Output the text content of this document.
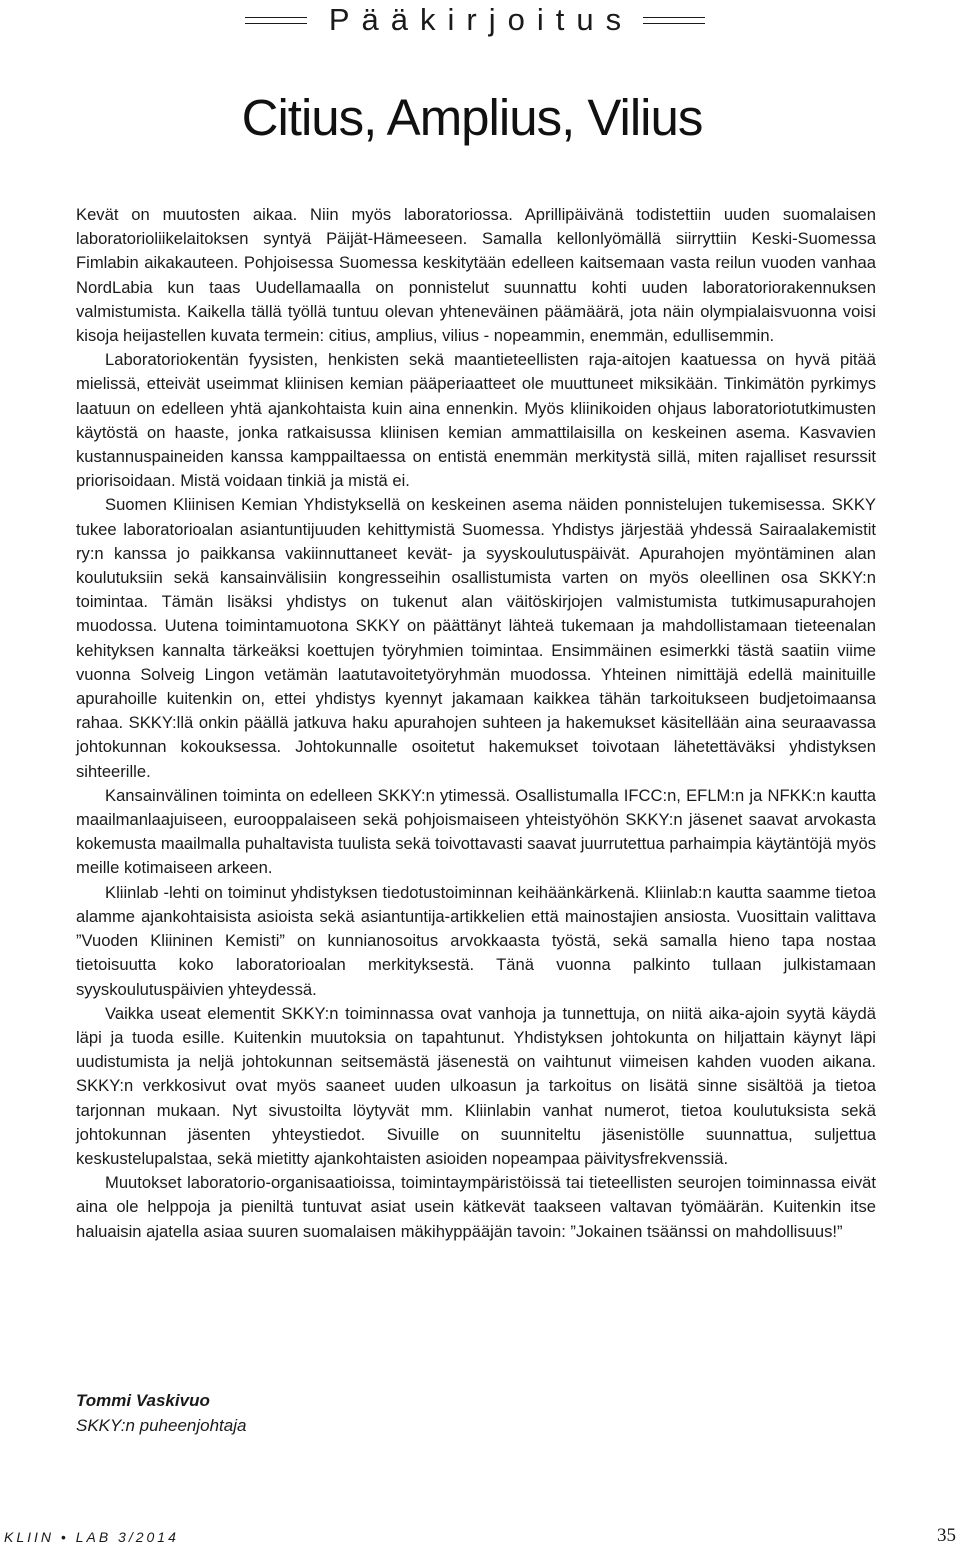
Pääkirjoitus
Citius, Amplius, Vilius

Kevät on muutosten aikaa. Niin myös laboratoriossa. Aprillipäivänä todistettiin uuden suomalaisen laboratorioliikelaitoksen syntyä Päijät-Hämeeseen. Samalla kellonlyömällä siirryttiin Keski-Suomessa Fimlabin aikakauteen. Pohjoisessa Suomessa keskitytään edelleen kaitsemaan vasta reilun vuoden vanhaa NordLabia kun taas Uudellamaalla on ponnistelut suunnattu kohti uuden laboratoriorakennuksen valmistumista. Kaikella tällä työllä tuntuu olevan yhteneväinen päämäärä, jota näin olympialaisvuonna voisi kisoja heijastellen kuvata termein: citius, amplius, vilius - nopeammin, enemmän, edullisemmin.

Laboratoriokentän fyysisten, henkisten sekä maantieteellisten raja-aitojen kaatuessa on hyvä pitää mielissä, etteivät useimmat kliinisen kemian pääperiaatteet ole muuttuneet miksikään. Tinkimätön pyrkimys laatuun on edelleen yhtä ajankohtaista kuin aina ennenkin. Myös kliinikoiden ohjaus laboratoriotutkimusten käytöstä on haaste, jonka ratkaisussa kliinisen kemian ammattilaisilla on keskeinen asema. Kasvavien kustannuspaineiden kanssa kamppailtaessa on entistä enemmän merkitystä sillä, miten rajalliset resurssit priorisoidaan. Mistä voidaan tinkiä ja mistä ei.

Suomen Kliinisen Kemian Yhdistyksellä on keskeinen asema näiden ponnistelujen tukemisessa. SKKY tukee laboratorioalan asiantuntijuuden kehittymistä Suomessa. Yhdistys järjestää yhdessä Sairaalakemistit ry:n kanssa jo paikkansa vakiinnuttaneet kevät- ja syyskoulutuspäivät. Apurahojen myöntäminen alan koulutuksiin sekä kansainvälisiin kongresseihin osallistumista varten on myös oleellinen osa SKKY:n toimintaa. Tämän lisäksi yhdistys on tukenut alan väitöskirjojen valmistumista tutkimusapurahojen muodossa. Uutena toimintamuotona SKKY on päättänyt lähteä tukemaan ja mahdollistamaan tieteenalan kehityksen kannalta tärkeäksi koettujen työryhmien toimintaa. Ensimmäinen esimerkki tästä saatiin viime vuonna Solveig Lingon vetämän laatutavoitetyöryhmän muodossa. Yhteinen nimittäjä edellä mainituille apurahoille kuitenkin on, ettei yhdistys kyennyt jakamaan kaikkea tähän tarkoitukseen budjetoimaansa rahaa. SKKY:llä onkin päällä jatkuva haku apurahojen suhteen ja hakemukset käsitellään aina seuraavassa johtokunnan kokouksessa. Johtokunnalle osoitetut hakemukset toivotaan lähetettäväksi yhdistyksen sihteerille.

Kansainvälinen toiminta on edelleen SKKY:n ytimessä. Osallistumalla IFCC:n, EFLM:n ja NFKK:n kautta maailmanlaajuiseen, eurooppalaiseen sekä pohjoismaiseen yhteistyöhön SKKY:n jäsenet saavat arvokasta kokemusta maailmalla puhaltavista tuulista sekä toivottavasti saavat juurrutettua parhaimpia käytäntöjä myös meille kotimaiseen arkeen.

Kliinlab -lehti on toiminut yhdistyksen tiedotustoiminnan keihäänkärkenä. Kliinlab:n kautta saamme tietoa alamme ajankohtaisista asioista sekä asiantuntija-artikkelien että mainostajien ansiosta. Vuosittain valittava ”Vuoden Kliininen Kemisti” on kunnianosoitus arvokkaasta työstä, sekä samalla hieno tapa nostaa tietoisuutta koko laboratorioalan merkityksestä. Tänä vuonna palkinto tullaan julkistamaan syyskoulutuspäivien yhteydessä.

Vaikka useat elementit SKKY:n toiminnassa ovat vanhoja ja tunnettuja, on niitä aika-ajoin syytä käydä läpi ja tuoda esille. Kuitenkin muutoksia on tapahtunut. Yhdistyksen johtokunta on hiljattain käynyt läpi uudistumista ja neljä johtokunnan seitsemästä jäsenestä on vaihtunut viimeisen kahden vuoden aikana. SKKY:n verkkosivut ovat myös saaneet uuden ulkoasun ja tarkoitus on lisätä sinne sisältöä ja tietoa tarjonnan mukaan. Nyt sivustoilta löytyvät mm. Kliinlabin vanhat numerot, tietoa koulutuksista sekä johtokunnan jäsenten yhteystiedot. Sivuille on suunniteltu jäsenistölle suunnattua, suljettua keskustelupalstaa, sekä mietitty ajankohtaisten asioiden nopeampaa päivitysfrekvenssiä.

Muutokset laboratorio-organisaatioissa, toimintaympäristöissä tai tieteellisten seurojen toiminnassa eivät aina ole helppoja ja pieniltä tuntuvat asiat usein kätkevät taakseen valtavan työmäärän. Kuitenkin itse haluaisin ajatella asiaa suuren suomalaisen mäkihyppääjän tavoin: ”Jokainen tsäänssi on mahdollisuus!”

Tommi Vaskivuo
SKKY:n puheenjohtaja
KLIIN • LAB 3/2014	35
